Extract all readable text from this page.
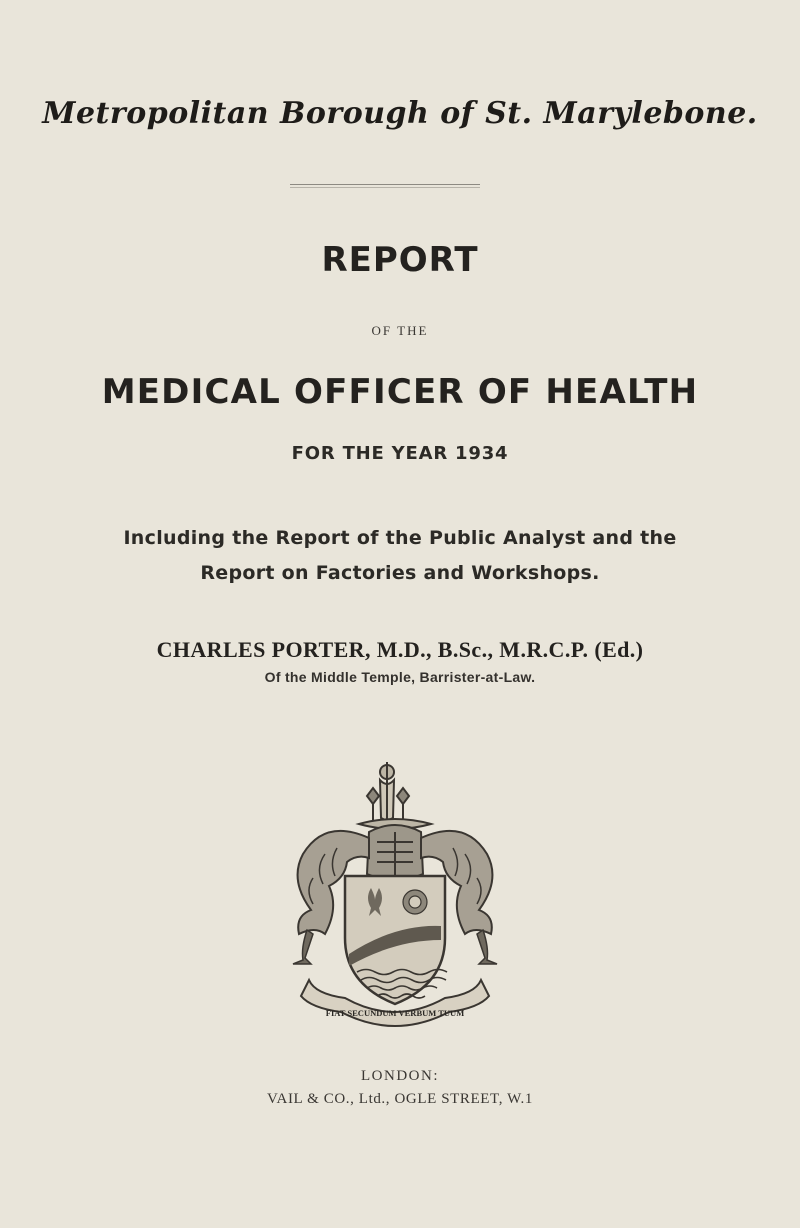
Metropolitan Borough of St. Marylebone.
REPORT
OF THE
MEDICAL OFFICER OF HEALTH
FOR THE YEAR 1934
Including the Report of the Public Analyst and the
Report on Factories and Workshops.
CHARLES PORTER, M.D., B.Sc., M.R.C.P. (Ed.)
Of the Middle Temple, Barrister-at-Law.
FIAT SECUNDUM VERBUM TUUM
LONDON:
VAIL & CO., Ltd., OGLE STREET, W.1
